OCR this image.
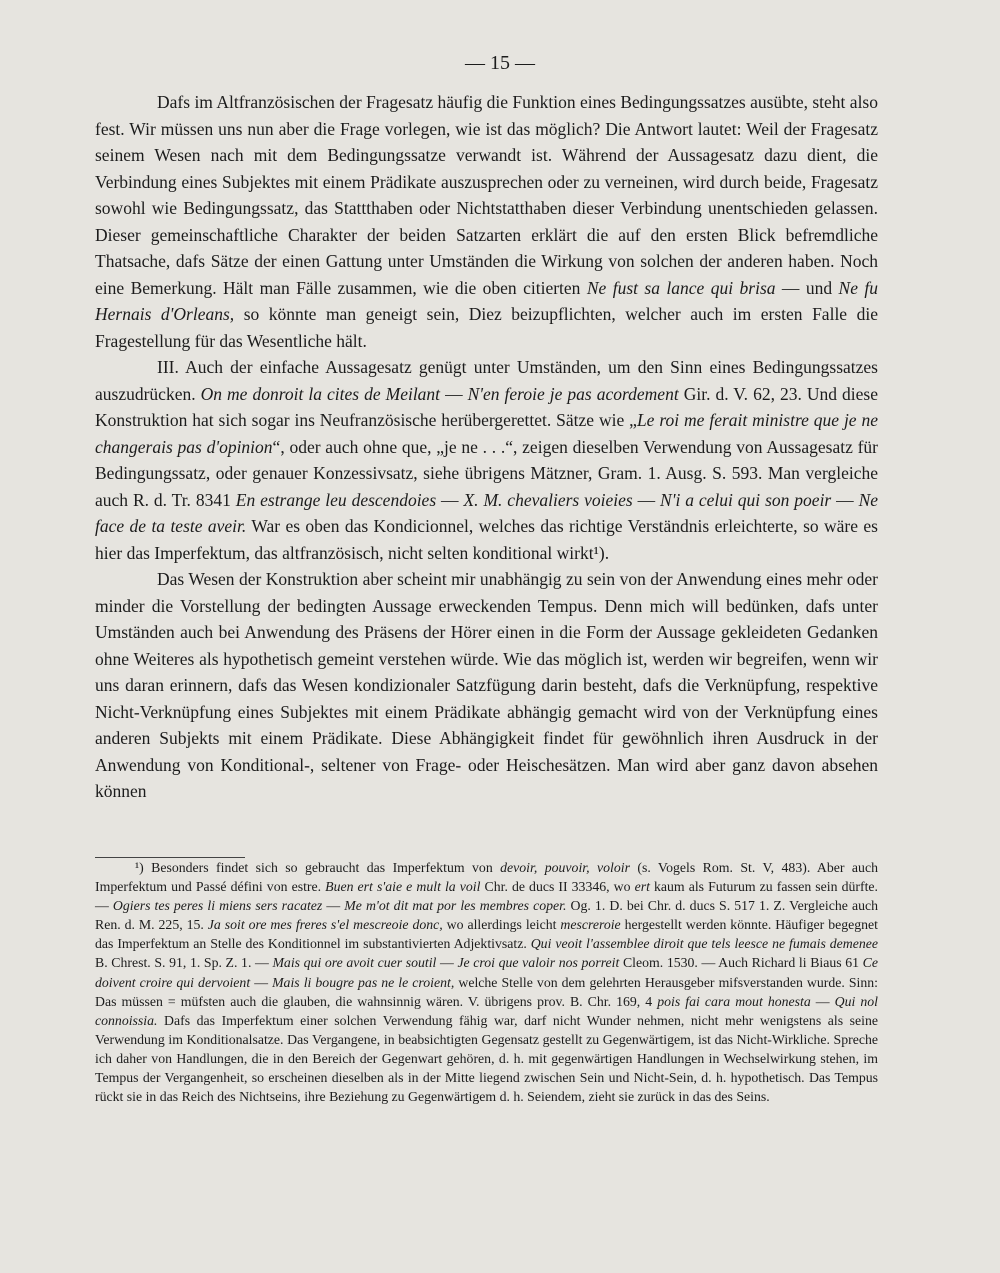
— 15 —

Dafs im Altfranzösischen der Fragesatz häufig die Funktion eines Bedingungssatzes ausübte, steht also fest. Wir müssen uns nun aber die Frage vorlegen, wie ist das möglich? Die Antwort lautet: Weil der Fragesatz seinem Wesen nach mit dem Bedingungssatze verwandt ist. Während der Aussagesatz dazu dient, die Verbindung eines Subjektes mit einem Prädikate auszusprechen oder zu verneinen, wird durch beide, Fragesatz sowohl wie Bedingungssatz, das Stattthaben oder Nichtstatthaben dieser Verbindung unentschieden gelassen. Dieser gemeinschaftliche Charakter der beiden Satzarten erklärt die auf den ersten Blick befremdliche Thatsache, dafs Sätze der einen Gattung unter Umständen die Wirkung von solchen der anderen haben. Noch eine Bemerkung. Hält man Fälle zusammen, wie die oben citierten Ne fust sa lance qui brisa — und Ne fu Hernais d'Orleans, so könnte man geneigt sein, Diez beizupflichten, welcher auch im ersten Falle die Fragestellung für das Wesentliche hält.

III. Auch der einfache Aussagesatz genügt unter Umständen, um den Sinn eines Bedingungssatzes auszudrücken. On me donroit la cites de Meilant — N'en feroie je pas acordement Gir. d. V. 62, 23. Und diese Konstruktion hat sich sogar ins Neufranzösische herübergerettet. Sätze wie „Le roi me ferait ministre que je ne changerais pas d'opinion“, oder auch ohne que, „je ne . . .“, zeigen dieselben Verwendung von Aussagesatz für Bedingungssatz, oder genauer Konzessivsatz, siehe übrigens Mätzner, Gram. 1. Ausg. S. 593. Man vergleiche auch R. d. Tr. 8341 En estrange leu descendoies — X. M. chevaliers voieies — N'i a celui qui son poeir — Ne face de ta teste aveir. War es oben das Kondicionnel, welches das richtige Verständnis erleichterte, so wäre es hier das Imperfektum, das altfranzösisch, nicht selten konditional wirkt¹).

Das Wesen der Konstruktion aber scheint mir unabhängig zu sein von der Anwendung eines mehr oder minder die Vorstellung der bedingten Aussage erweckenden Tempus. Denn mich will bedünken, dafs unter Umständen auch bei Anwendung des Präsens der Hörer einen in die Form der Aussage gekleideten Gedanken ohne Weiteres als hypothetisch gemeint verstehen würde. Wie das möglich ist, werden wir begreifen, wenn wir uns daran erinnern, dafs das Wesen kondizionaler Satzfügung darin besteht, dafs die Verknüpfung, respektive Nicht-Verknüpfung eines Subjektes mit einem Prädikate abhängig gemacht wird von der Verknüpfung eines anderen Subjekts mit einem Prädikate. Diese Abhängigkeit findet für gewöhnlich ihren Ausdruck in der Anwendung von Konditional-, seltener von Frage- oder Heischesätzen. Man wird aber ganz davon absehen können

¹) Besonders findet sich so gebraucht das Imperfektum von devoir, pouvoir, voloir (s. Vogels Rom. St. V, 483). Aber auch Imperfektum und Passé défini von estre. Buen ert s'aie e mult la voil Chr. de ducs II 33346, wo ert kaum als Futurum zu fassen sein dürfte. — Ogiers tes peres li miens sers racatez — Me m'ot dit mat por les membres coper. Og. 1. D. bei Chr. d. ducs S. 517 1. Z. Vergleiche auch Ren. d. M. 225, 15. Ja soit ore mes freres s'el mescreoie donc, wo allerdings leicht mescreroie hergestellt werden könnte. Häufiger begegnet das Imperfektum an Stelle des Konditionnel im substantivierten Adjektivsatz. Qui veoit l'assemblee diroit que tels leesce ne fumais demenee B. Chrest. S. 91, 1. Sp. Z. 1. — Mais qui ore avoit cuer soutil — Je croi que valoir nos porreit Cleom. 1530. — Auch Richard li Biaus 61 Ce doivent croire qui dervoient — Mais li bougre pas ne le croient, welche Stelle von dem gelehrten Herausgeber mifsverstanden wurde. Sinn: Das müssen = müfsten auch die glauben, die wahnsinnig wären. V. übrigens prov. B. Chr. 169, 4 pois fai cara mout honesta — Qui nol connoissia. Dafs das Imperfektum einer solchen Verwendung fähig war, darf nicht Wunder nehmen, nicht mehr wenigstens als seine Verwendung im Konditionalsatze. Das Vergangene, in beabsichtigten Gegensatz gestellt zu Gegenwärtigem, ist das Nicht-Wirkliche. Spreche ich daher von Handlungen, die in den Bereich der Gegenwart gehören, d. h. mit gegenwärtigen Handlungen in Wechselwirkung stehen, im Tempus der Vergangenheit, so erscheinen dieselben als in der Mitte liegend zwischen Sein und Nicht-Sein, d. h. hypothetisch. Das Tempus rückt sie in das Reich des Nichtseins, ihre Beziehung zu Gegenwärtigem d. h. Seiendem, zieht sie zurück in das des Seins.
